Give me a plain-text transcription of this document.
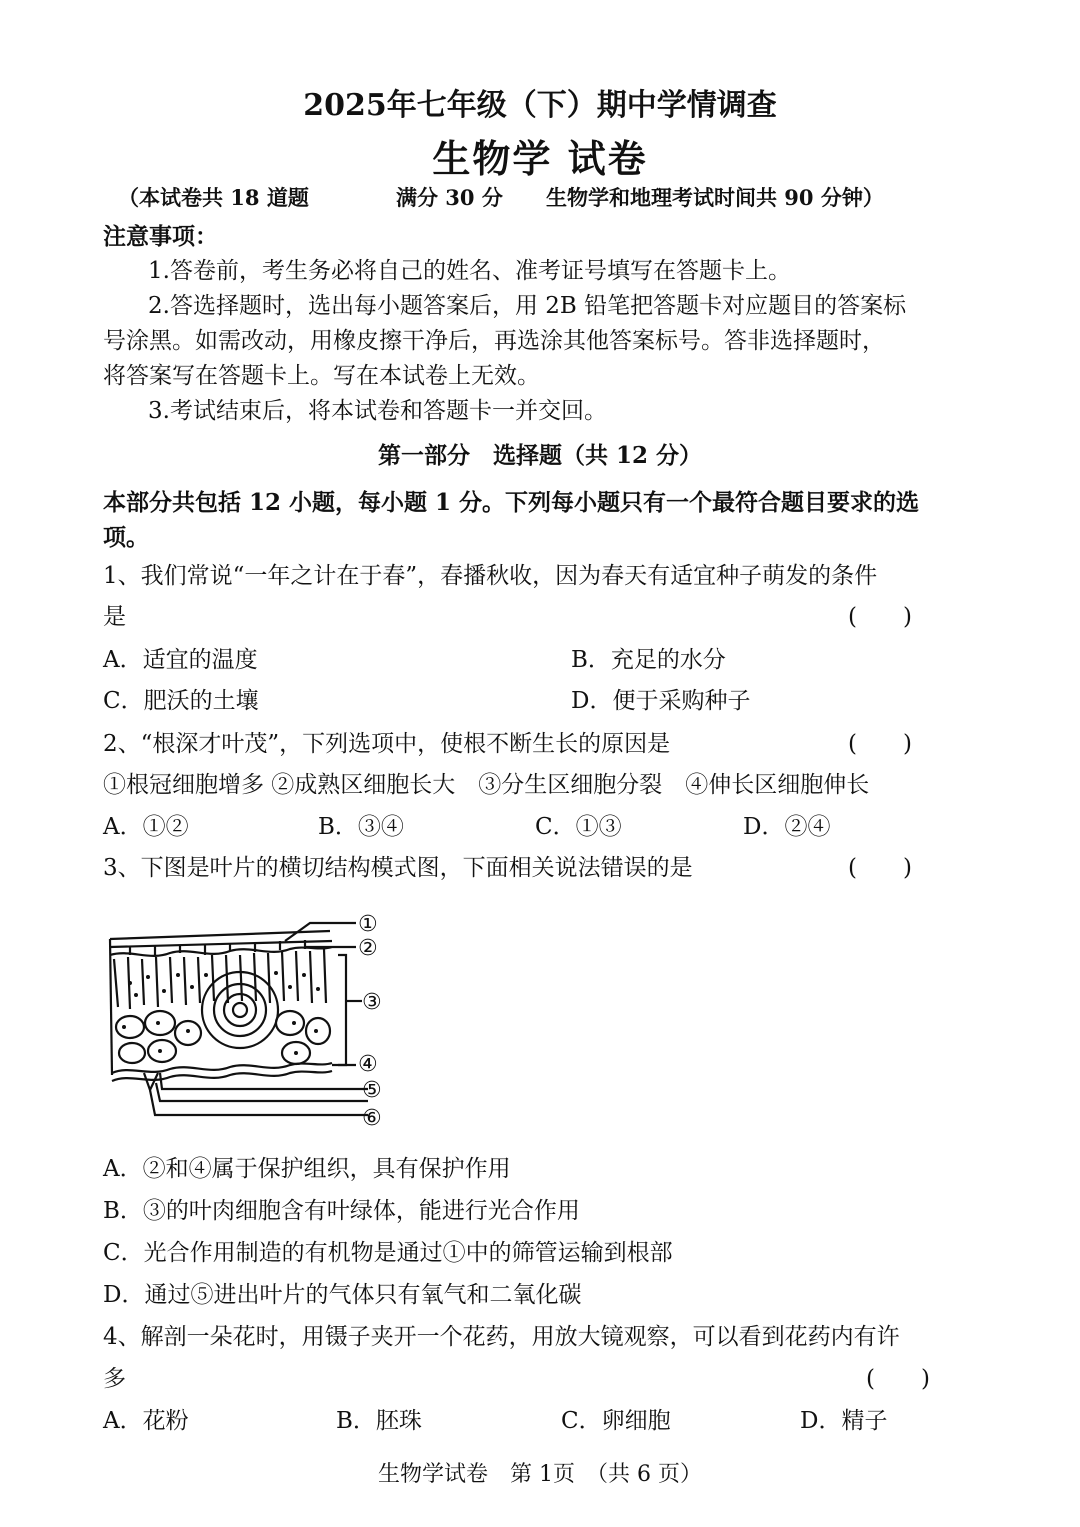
2025年七年级（下）期中学情调查
生物学 试卷
（本试卷共 18 道题	满分 30 分 生物学和地理考试时间共 90 分钟）
注意事项：
1.答卷前，考生务必将自己的姓名、准考证号填写在答题卡上。
2.答选择题时，选出每小题答案后，用 2B 铅笔把答题卡对应题目的答案标
号涂黑。如需改动，用橡皮擦干净后，再选涂其他答案标号。答非选择题时，
将答案写在答题卡上。写在本试卷上无效。
3.考试结束后，将本试卷和答题卡一并交回。
第一部分　选择题（共 12 分）
本部分共包括 12 小题，每小题 1 分。下列每小题只有一个最符合题目要求的选
项。
1、我们常说“一年之计在于春”，春播秋收，因为春天有适宜种子萌发的条件
是	(　　)
A．适宜的温度	B．充足的水分
C．肥沃的土壤	D．便于采购种子
2、“根深才叶茂”，下列选项中，使根不断生长的原因是	(　　)
①根冠细胞增多 ②成熟区细胞长大　③分生区细胞分裂　④伸长区细胞伸长
A．①②	B．③④	C．①③	D．②④
3、下图是叶片的横切结构模式图，下面相关说法错误的是	(　　)
①
②
③
④
⑤
⑥
A．②和④属于保护组织，具有保护作用
B．③的叶肉细胞含有叶绿体，能进行光合作用
C．光合作用制造的有机物是通过①中的筛管运输到根部
D．通过⑤进出叶片的气体只有氧气和二氧化碳
4、解剖一朵花时，用镊子夹开一个花药，用放大镜观察，可以看到花药内有许
多	(　　)
A．花粉	B．胚珠	C．卵细胞	D．精子
生物学试卷　第 1页　（共 6 页）
